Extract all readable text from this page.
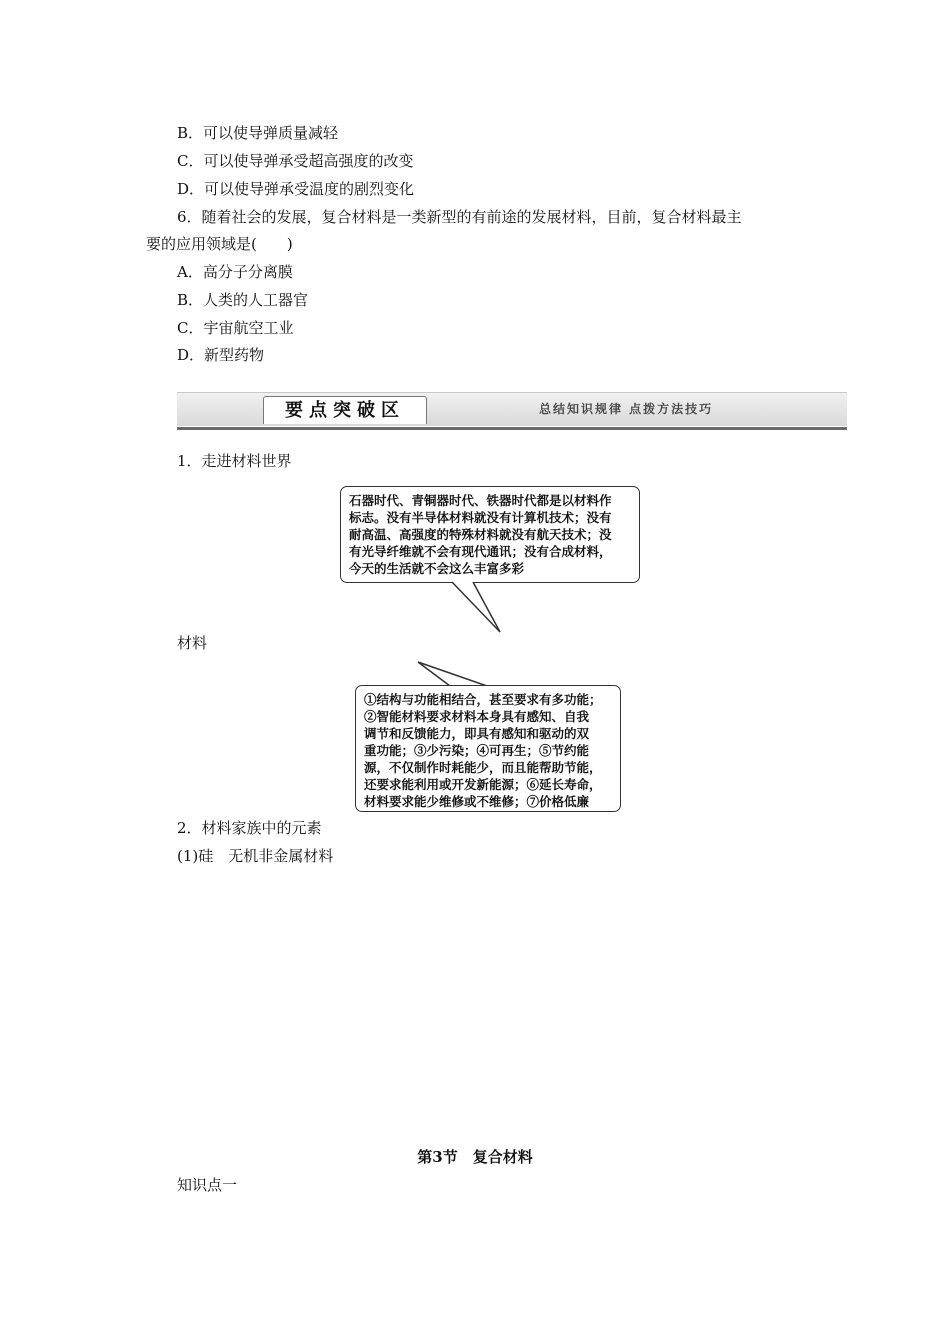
B．可以使导弹质量减轻
C．可以使导弹承受超高强度的改变
D．可以使导弹承受温度的剧烈变化
6．随着社会的发展，复合材料是一类新型的有前途的发展材料，目前，复合材料最主
要的应用领域是(　　)
A．高分子分离膜
B．人类的人工器官
C．宇宙航空工业
D．新型药物
要点突破区	总结知识规律 点拨方法技巧
1．走进材料世界

石器时代、青铜器时代、铁器时代都是以材料作

标志。没有半导体材料就没有计算机技术；没有

耐高温、高强度的特殊材料就没有航天技术；没

有光导纤维就不会有现代通讯；没有合成材料，

今天的生活就不会这么丰富多彩

材料

①结构与功能相结合，甚至要求有多功能；

②智能材料要求材料本身具有感知、自我

调节和反馈能力，即具有感知和驱动的双

重功能；③少污染；④可再生；⑤节约能

源，不仅制作时耗能少，而且能帮助节能，

还要求能利用或开发新能源；⑥延长寿命，

材料要求能少维修或不维修；⑦价格低廉

2．材料家族中的元素
(1)硅　无机非金属材料
第3节　复合材料
知识点一
